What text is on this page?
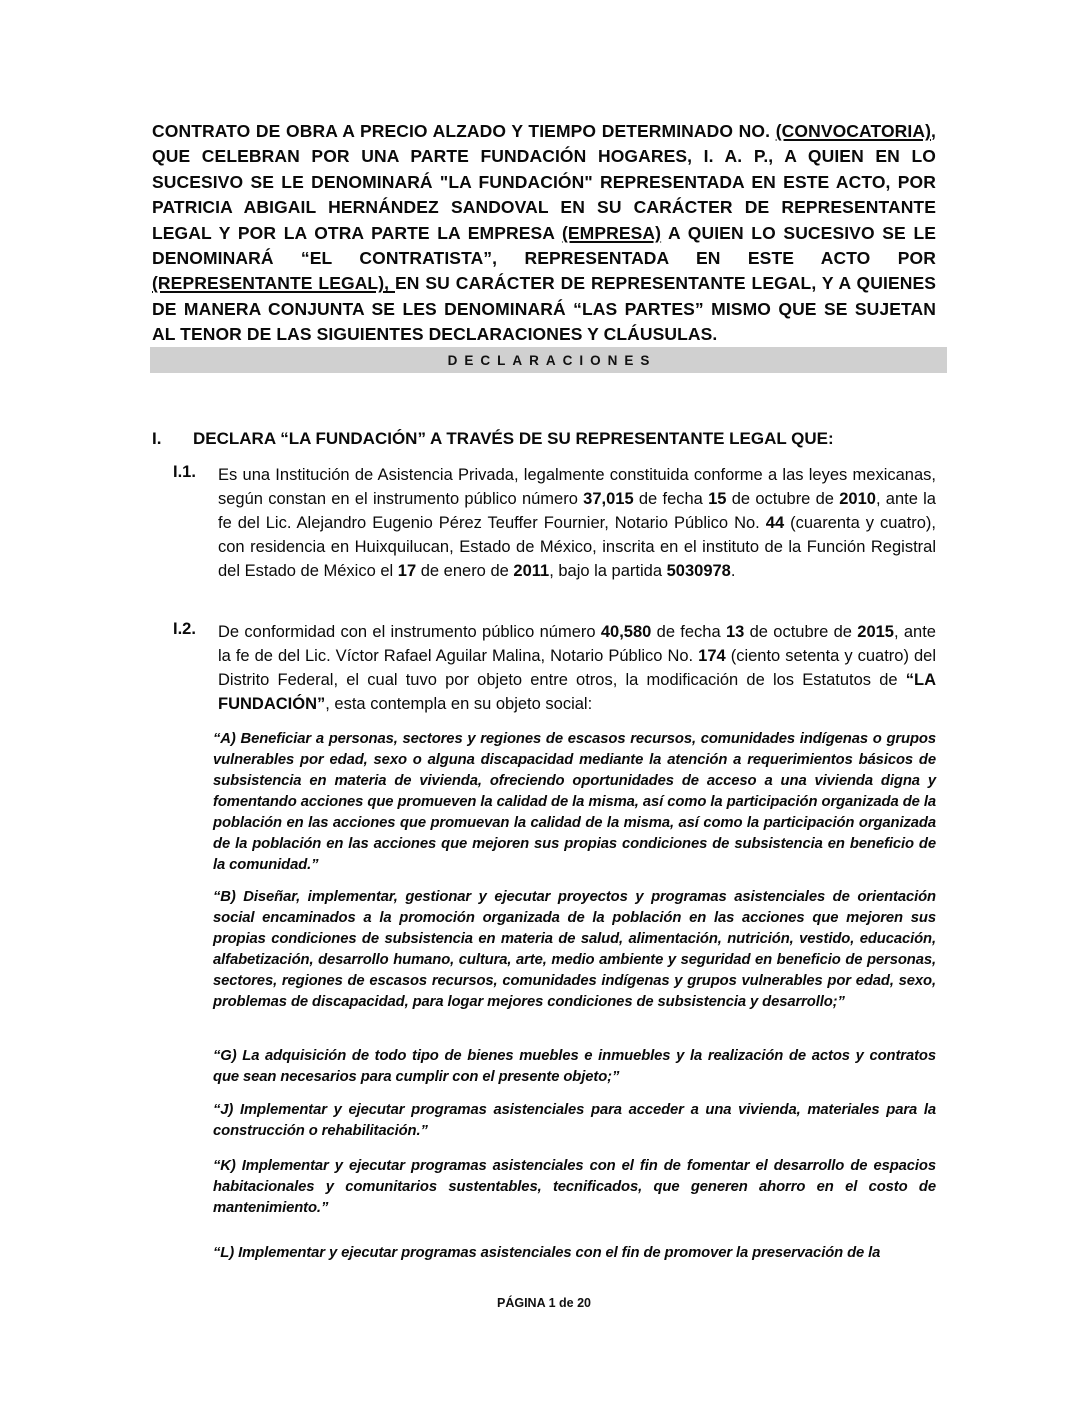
CONTRATO DE OBRA A PRECIO ALZADO Y TIEMPO DETERMINADO NO. (CONVOCATORIA), QUE CELEBRAN POR UNA PARTE FUNDACIÓN HOGARES, I. A. P., A QUIEN EN LO SUCESIVO SE LE DENOMINARÁ "LA FUNDACIÓN" REPRESENTADA EN ESTE ACTO, POR PATRICIA ABIGAIL HERNÁNDEZ SANDOVAL EN SU CARÁCTER DE REPRESENTANTE LEGAL Y POR LA OTRA PARTE LA EMPRESA (EMPRESA) A QUIEN LO SUCESIVO SE LE DENOMINARÁ “EL CONTRATISTA”, REPRESENTADA EN ESTE ACTO POR (REPRESENTANTE LEGAL), EN SU CARÁCTER DE REPRESENTANTE LEGAL, Y A QUIENES DE MANERA CONJUNTA SE LES DENOMINARÁ “LAS PARTES” MISMO QUE SE SUJETAN AL TENOR DE LAS SIGUIENTES DECLARACIONES Y CLÁUSULAS.

DECLARACIONES
I.	DECLARA “LA FUNDACIÓN” A TRAVÉS DE SU REPRESENTANTE LEGAL QUE:
I.1. Es una Institución de Asistencia Privada, legalmente constituida conforme a las leyes mexicanas, según constan en el instrumento público número 37,015 de fecha 15 de octubre de 2010, ante la fe del Lic. Alejandro Eugenio Pérez Teuffer Fournier, Notario Público No. 44 (cuarenta y cuatro), con residencia en Huixquilucan, Estado de México, inscrita en el instituto de la Función Registral del Estado de México el 17 de enero de 2011, bajo la partida 5030978.

I.2. De conformidad con el instrumento público número 40,580 de fecha 13 de octubre de 2015, ante la fe de del Lic. Víctor Rafael Aguilar Malina, Notario Público No. 174 (ciento setenta y cuatro) del Distrito Federal, el cual tuvo por objeto entre otros, la modificación de los Estatutos de “LA FUNDACIÓN”, esta contempla en su objeto social:

“A) Beneficiar a personas, sectores y regiones de escasos recursos, comunidades indígenas o grupos vulnerables por edad, sexo o alguna discapacidad mediante la atención a requerimientos básicos de subsistencia en materia de vivienda, ofreciendo oportunidades de acceso a una vivienda digna y fomentando acciones que promueven la calidad de la misma, así como la participación organizada de la población en las acciones que promuevan la calidad de la misma, así como la participación organizada de la población en las acciones que mejoren sus propias condiciones de subsistencia en beneficio de la comunidad.”

“B) Diseñar, implementar, gestionar y ejecutar proyectos y programas asistenciales de orientación social encaminados a la promoción organizada de la población en las acciones que mejoren sus propias condiciones de subsistencia en materia de salud, alimentación, nutrición, vestido, educación, alfabetización, desarrollo humano, cultura, arte, medio ambiente y seguridad en beneficio de personas, sectores, regiones de escasos recursos, comunidades indígenas y grupos vulnerables por edad, sexo, problemas de discapacidad, para logar mejores condiciones de subsistencia y desarrollo;”

“G) La adquisición de todo tipo de bienes muebles e inmuebles y la realización de actos y contratos que sean necesarios para cumplir con el presente objeto;”

“J) Implementar y ejecutar programas asistenciales para acceder a una vivienda, materiales para la construcción o rehabilitación.”

“K) Implementar y ejecutar programas asistenciales con el fin de fomentar el desarrollo de espacios habitacionales y comunitarios sustentables, tecnificados, que generen ahorro en el costo de mantenimiento.”

“L) Implementar y ejecutar programas asistenciales con el fin de promover la preservación de la

PÁGINA 1 de 20
